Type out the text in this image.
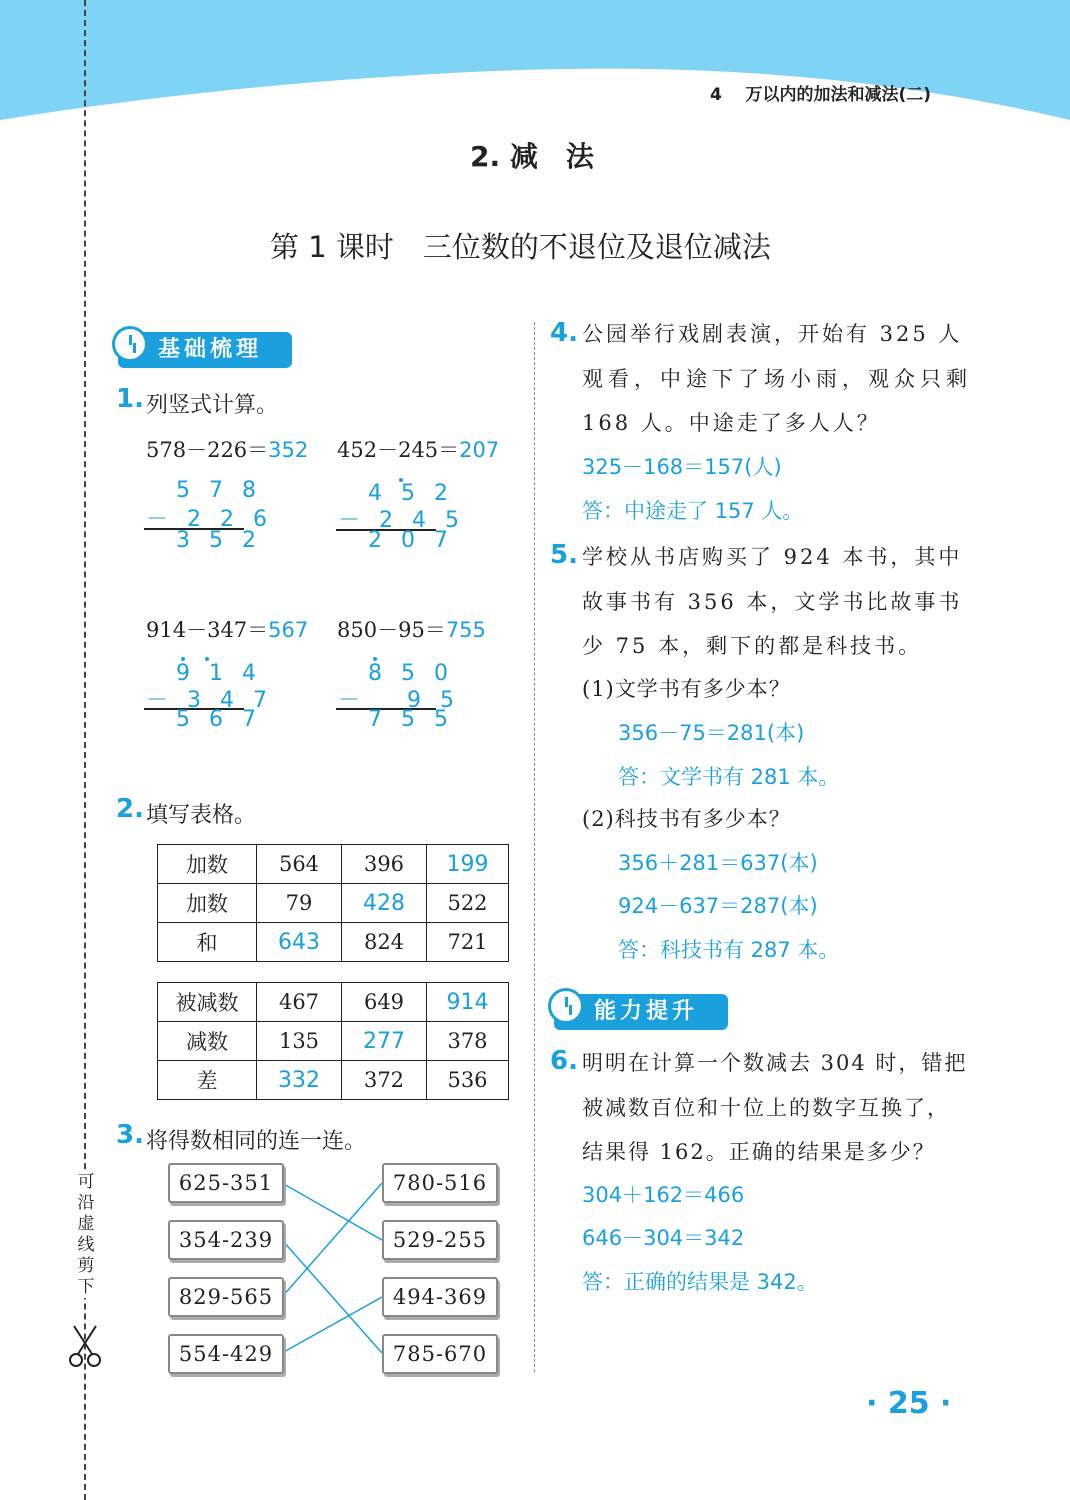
4 万以内的加法和减法(二)
可
沿
虚
线
剪
下
2. 减　法
第 1 课时　三位数的不退位及退位减法
基础梳理
1. 列竖式计算。
578－226＝352 452－245＝207
914－347＝567 850－95＝755
5 7 8
－ 2 2 6
3 5 2
4 5 2
－ 2 4 5
2 0 7
9 1 4
－ 3 4 7
5 6 7
8 5 0
－　 9 5
7 5 5
2. 填写表格。
加数	564	396	199
加数	79	428	522
和	643	824	721
被减数	467	649	914
减数	135	277	378
差	332	372	536
3. 将得数相同的连一连。
625-351
354-239
829-565
554-429
780-516
529-255
494-369
785-670
4. 公园举行戏剧表演，开始有 325 人
观看，中途下了场小雨，观众只剩
168 人。中途走了多人人？
325－168＝157(人)
答：中途走了 157 人。
5. 学校从书店购买了 924 本书，其中
故事书有 356 本，文学书比故事书
少 75 本，剩下的都是科技书。
(1)文学书有多少本？
356－75＝281(本)
答：文学书有 281 本。
(2)科技书有多少本？
356＋281＝637(本)
924－637＝287(本)
答：科技书有 287 本。
能力提升
6. 明明在计算一个数减去 304 时，错把
被减数百位和十位上的数字互换了，
结果得 162。正确的结果是多少？
304＋162＝466
646－304＝342
答：正确的结果是 342。
· 25 ·
